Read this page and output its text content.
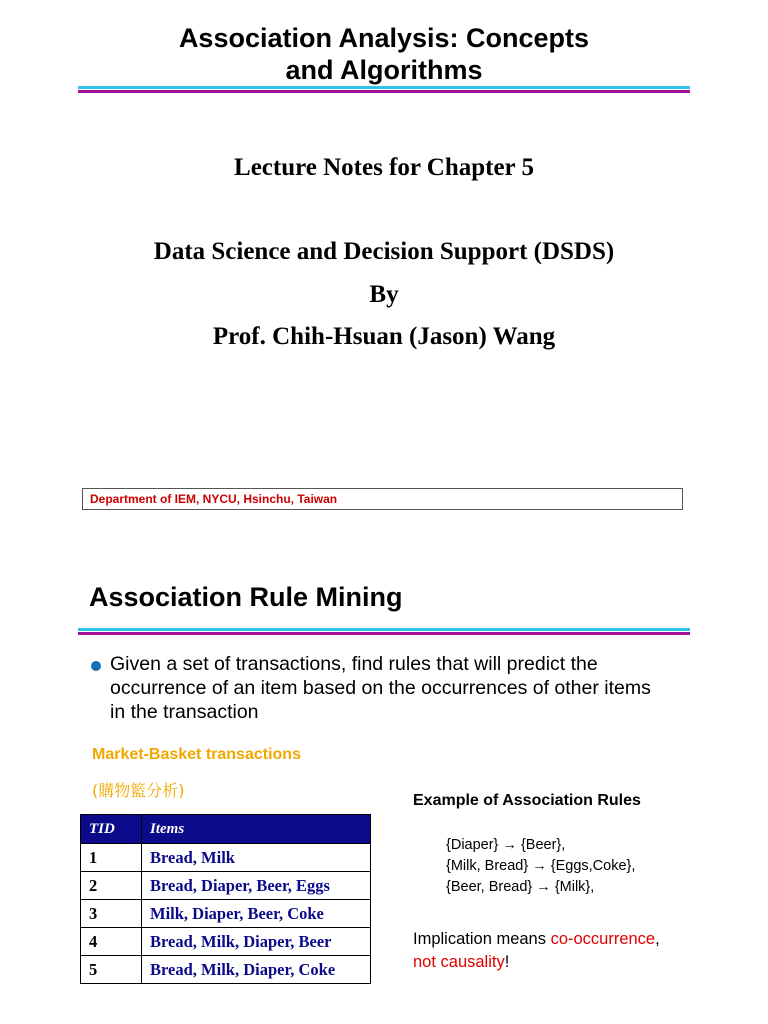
Association Analysis: Concepts
and Algorithms
Lecture Notes for Chapter 5
Data Science and Decision Support (DSDS)
By
Prof. Chih-Hsuan (Jason) Wang
Department of IEM, NYCU, Hsinchu, Taiwan
Association Rule Mining
Given a set of transactions, find rules that will predict the occurrence of an item based on the occurrences of other items in the transaction
Market-Basket transactions
(購物籃分析)
TID	Items
1	Bread, Milk
2	Bread, Diaper, Beer, Eggs
3	Milk, Diaper, Beer, Coke
4	Bread, Milk, Diaper, Beer
5	Bread, Milk, Diaper, Coke
Example of Association Rules
{Diaper} → {Beer},
{Milk, Bread} → {Eggs,Coke},
{Beer, Bread} → {Milk},
Implication means co-occurrence,
not causality!
